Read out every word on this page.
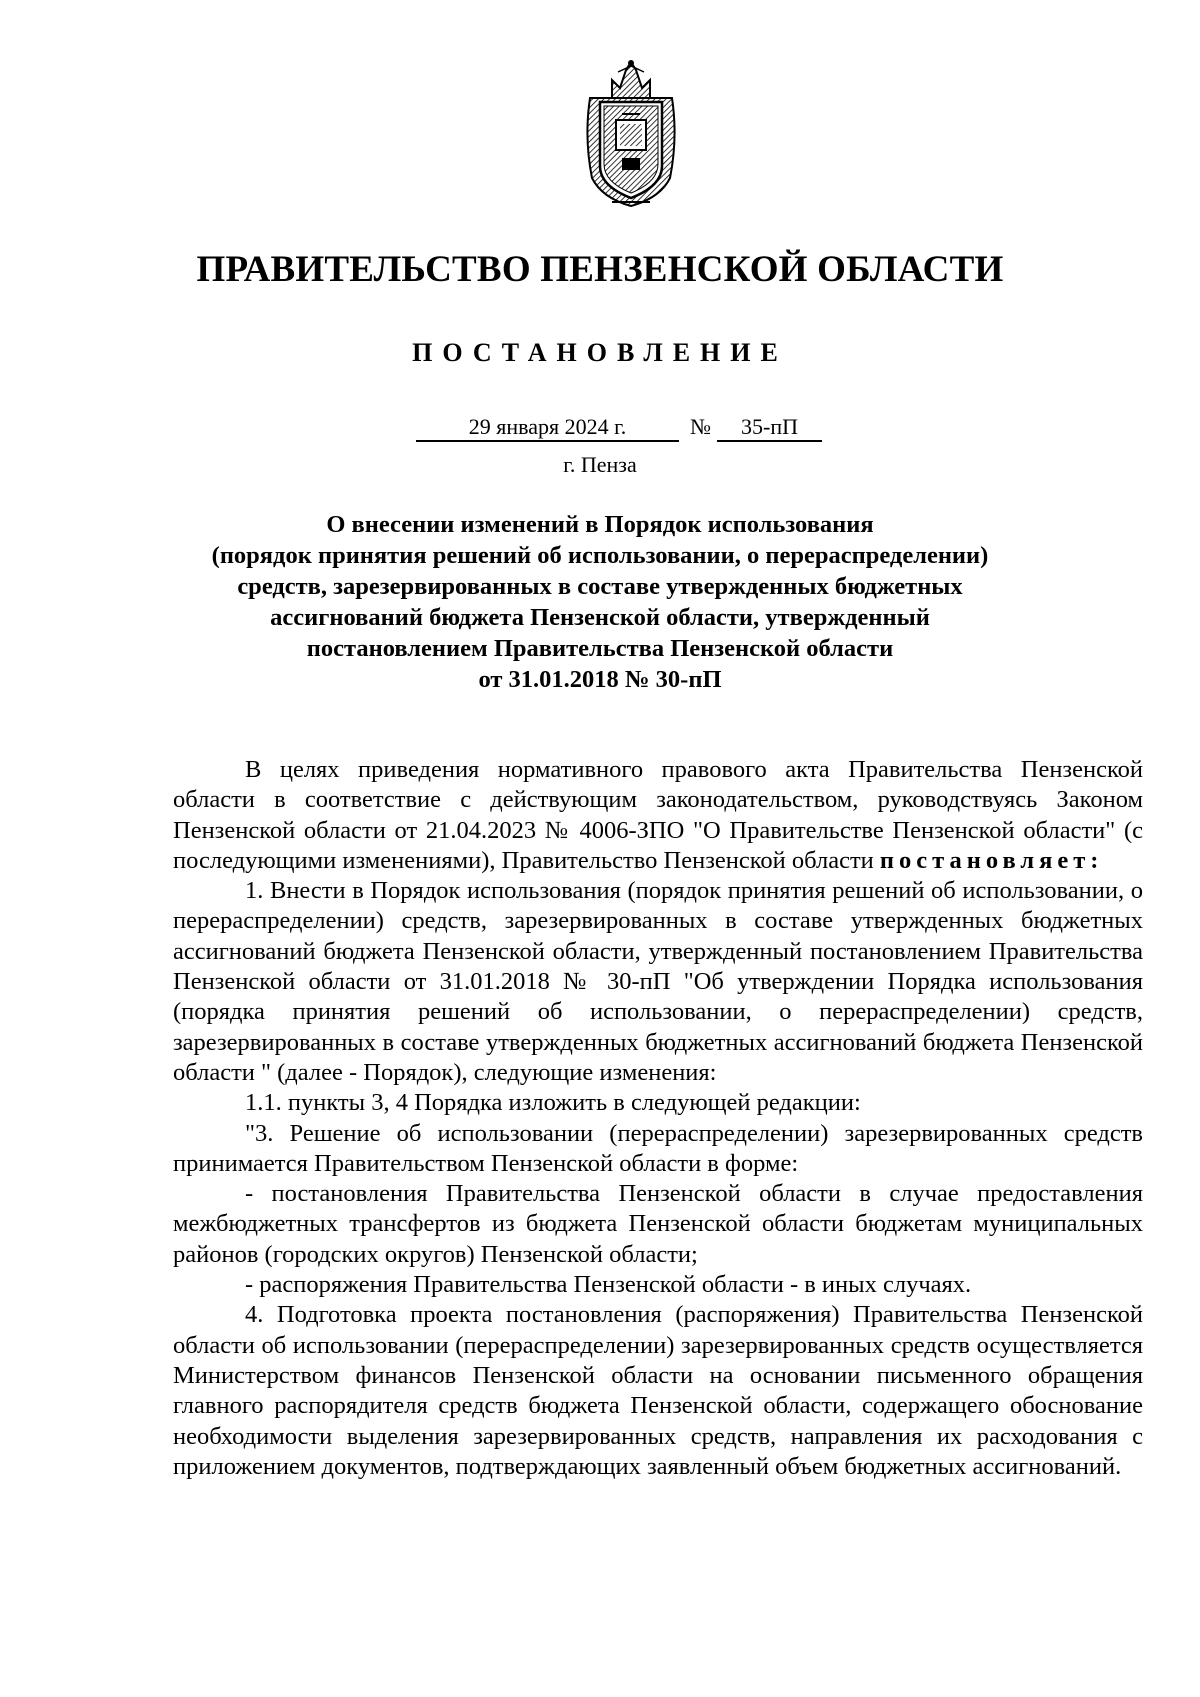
ПРАВИТЕЛЬСТВО ПЕНЗЕНСКОЙ ОБЛАСТИ
ПОСТАНОВЛЕНИЕ
29 января 2024 г.	№	35-пП
г. Пенза
О внесении изменений в Порядок использования
(порядок принятия решений об использовании, о перераспределении)
средств, зарезервированных в составе утвержденных бюджетных
ассигнований бюджета Пензенской области, утвержденный
постановлением Правительства Пензенской области
от 31.01.2018 № 30-пП

В целях приведения нормативного правового акта Правительства Пензенской области в соответствие с действующим законодательством, руководствуясь Законом Пензенской области от 21.04.2023 № 4006-ЗПО "О Правительстве Пензенской области" (с последующими изменениями), Правительство Пензенской области постановляет:

1. Внести в Порядок использования (порядок принятия решений об использовании, о перераспределении) средств, зарезервированных в составе утвержденных бюджетных ассигнований бюджета Пензенской области, утвержденный постановлением Правительства Пензенской области от 31.01.2018 № 30-пП "Об утверждении Порядка использования (порядка принятия решений об использовании, о перераспределении) средств, зарезервированных в составе утвержденных бюджетных ассигнований бюджета Пензенской области " (далее - Порядок), следующие изменения:

1.1. пункты 3, 4 Порядка изложить в следующей редакции:

"3. Решение об использовании (перераспределении) зарезервированных средств принимается Правительством Пензенской области в форме:

- постановления Правительства Пензенской области в случае предоставления межбюджетных трансфертов из бюджета Пензенской области бюджетам муниципальных районов (городских округов) Пензенской области;

- распоряжения Правительства Пензенской области - в иных случаях.

4. Подготовка проекта постановления (распоряжения) Правительства Пензенской области об использовании (перераспределении) зарезервированных средств осуществляется Министерством финансов Пензенской области на основании письменного обращения главного распорядителя средств бюджета Пензенской области, содержащего обоснование необходимости выделения зарезервированных средств, направления их расходования с приложением документов, подтверждающих заявленный объем бюджетных ассигнований.
